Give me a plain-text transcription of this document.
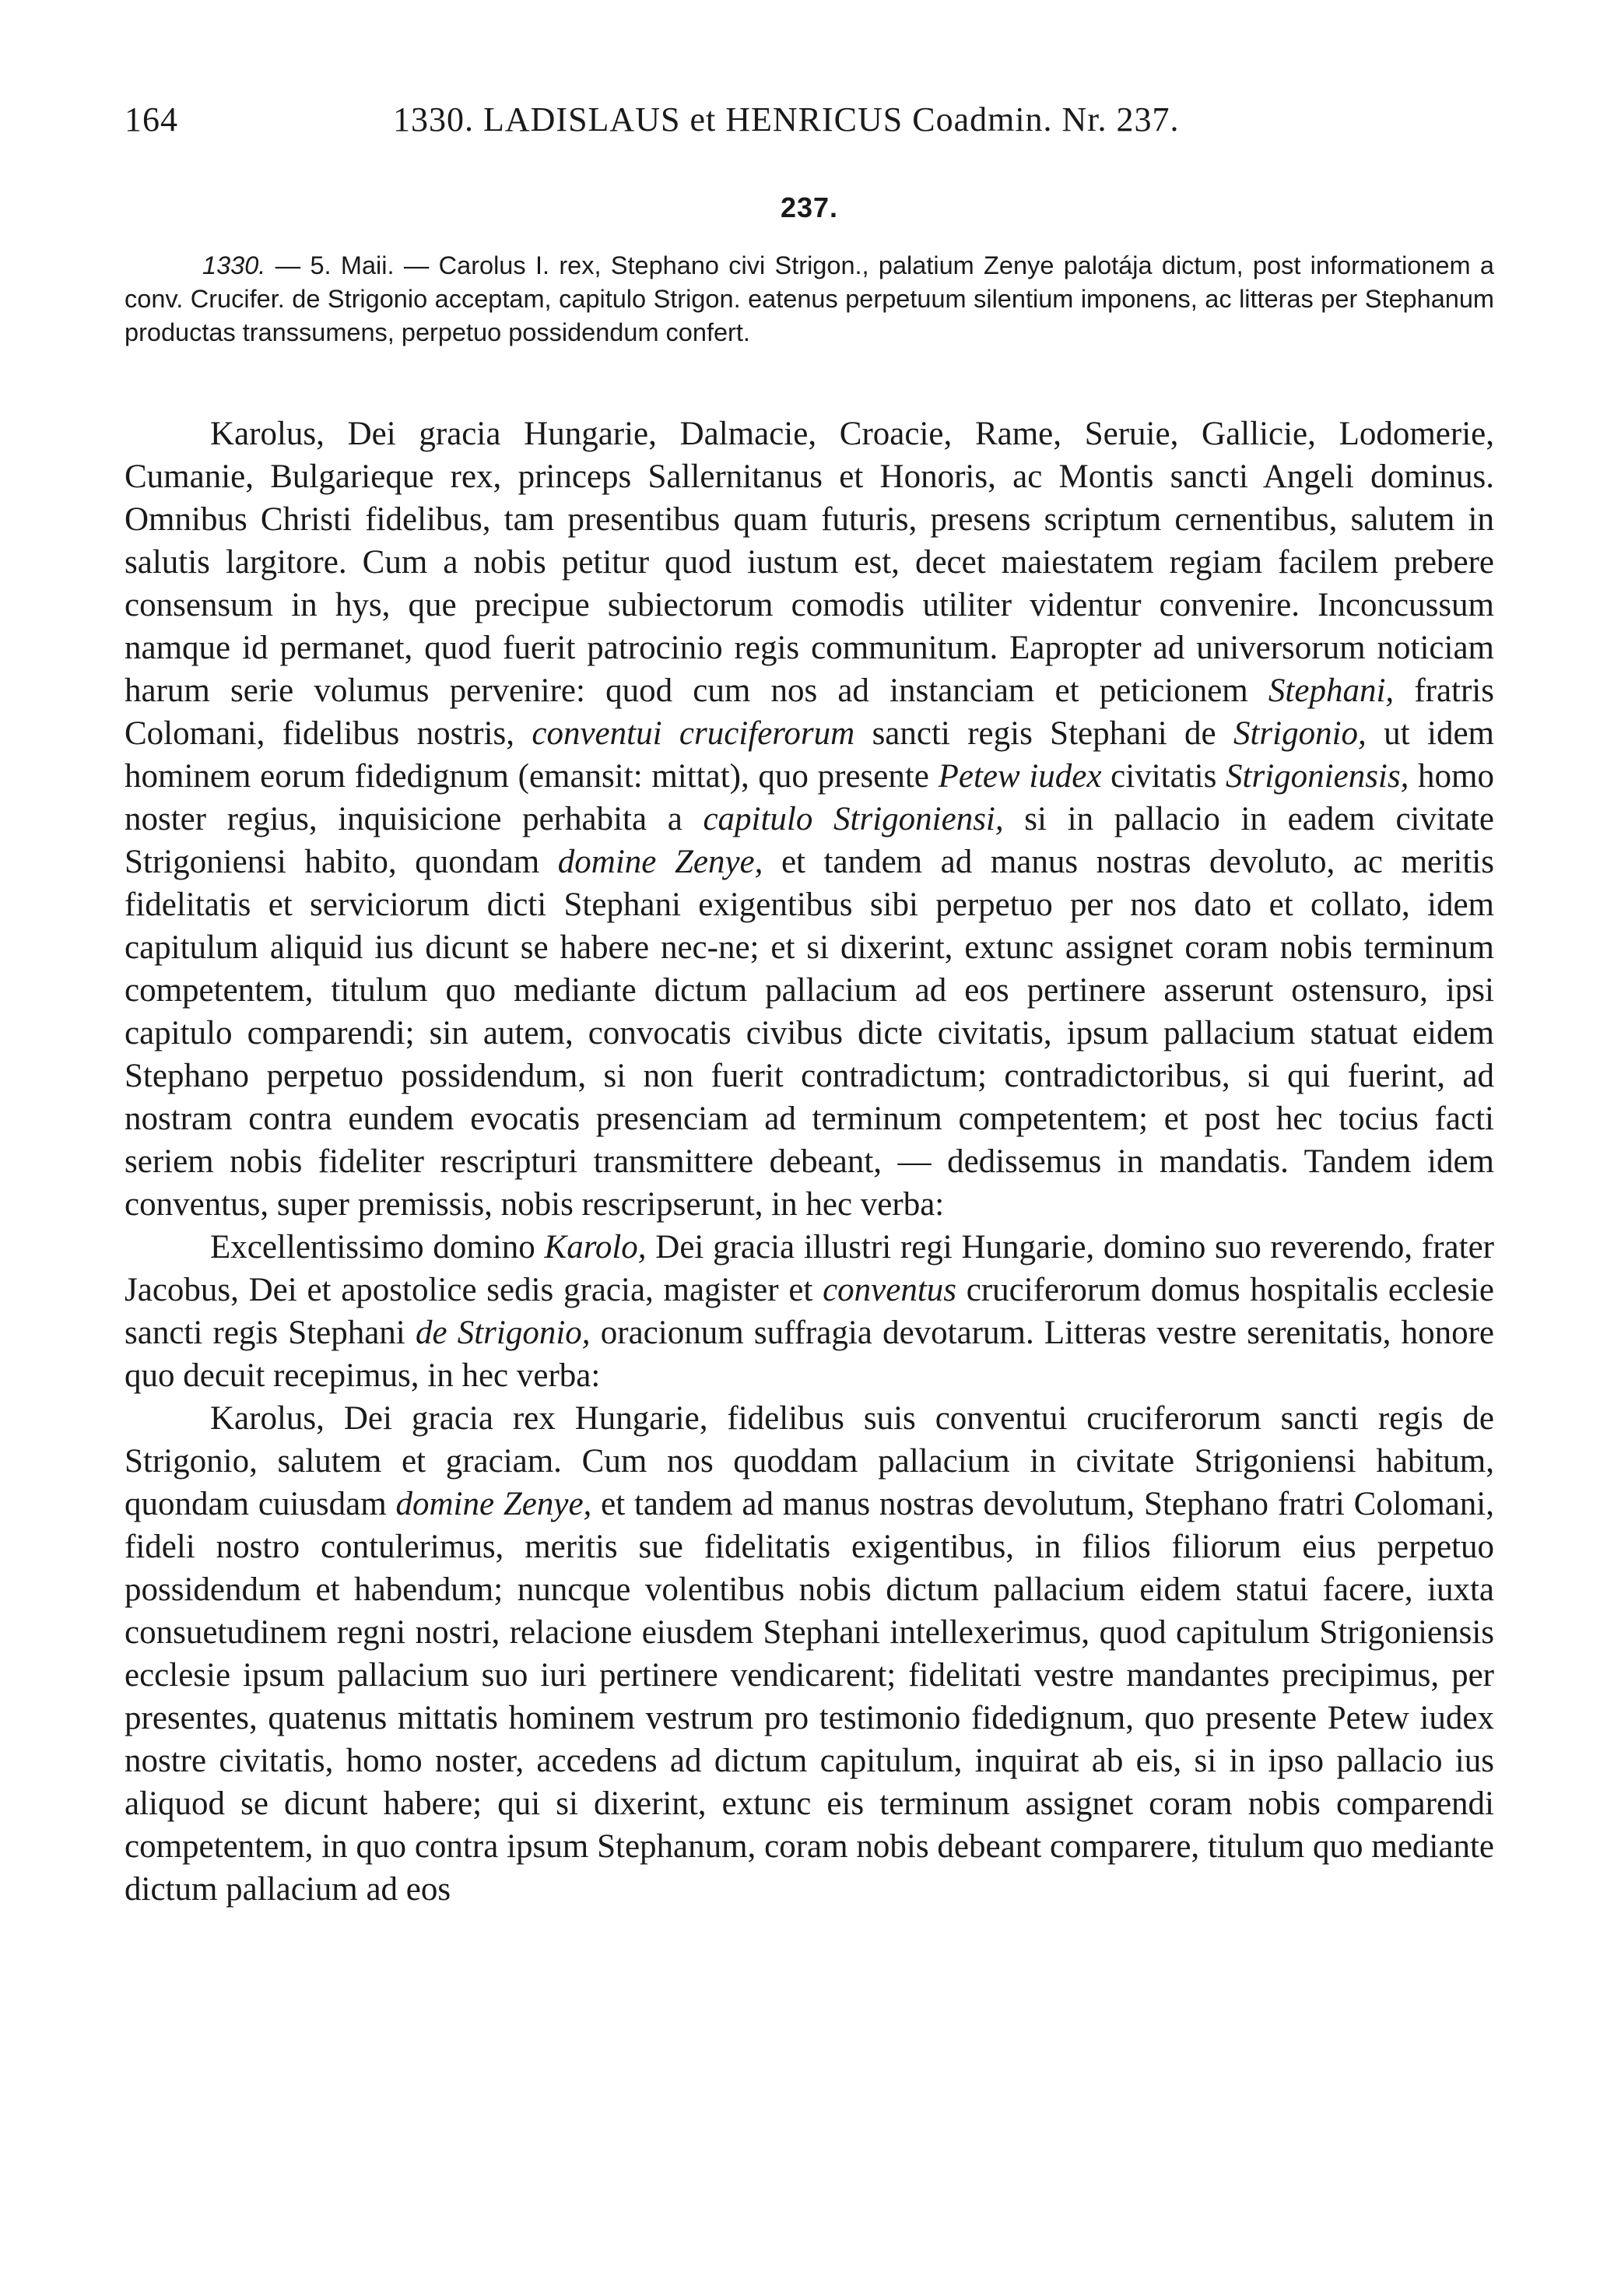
164	1330. LADISLAUS et HENRICUS Coadmin. Nr. 237.
237.
1330. — 5. Maii. — Carolus I. rex, Stephano civi Strigon., palatium Zenye palotája dictum, post informationem a conv. Crucifer. de Strigonio acceptam, capitulo Strigon. eatenus perpetuum silentium imponens, ac litteras per Stephanum productas transsumens, perpetuo possidendum confert.

Karolus, Dei gracia Hungarie, Dalmacie, Croacie, Rame, Seruie, Gallicie, Lodomerie, Cumanie, Bulgarieque rex, princeps Sallernitanus et Honoris, ac Montis sancti Angeli dominus. Omnibus Christi fidelibus, tam presentibus quam futuris, presens scriptum cernentibus, salutem in salutis largitore. Cum a nobis petitur quod iustum est, decet maiestatem regiam facilem prebere consensum in hys, que precipue subiectorum comodis utiliter videntur convenire. Inconcussum namque id permanet, quod fuerit patrocinio regis communitum. Eapropter ad universorum noticiam harum serie volumus pervenire: quod cum nos ad instanciam et peticionem Stephani, fratris Colomani, fidelibus nostris, conventui cruciferorum sancti regis Stephani de Strigonio, ut idem hominem eorum fidedignum (emansit: mittat), quo presente Petew iudex civitatis Strigoniensis, homo noster regius, inquisicione perhabita a capitulo Strigoniensi, si in pallacio in eadem civitate Strigoniensi habito, quondam domine Zenye, et tandem ad manus nostras devoluto, ac meritis fidelitatis et serviciorum dicti Stephani exigentibus sibi perpetuo per nos dato et collato, idem capitulum aliquid ius dicunt se habere nec-ne; et si dixerint, extunc assignet coram nobis terminum competentem, titulum quo mediante dictum pallacium ad eos pertinere asserunt ostensuro, ipsi capitulo comparendi; sin autem, convocatis civibus dicte civitatis, ipsum pallacium statuat eidem Stephano perpetuo possidendum, si non fuerit contradictum; contradictoribus, si qui fuerint, ad nostram contra eundem evocatis presenciam ad terminum competentem; et post hec tocius facti seriem nobis fideliter rescripturi transmittere debeant, — dedissemus in mandatis. Tandem idem conventus, super premissis, nobis rescripserunt, in hec verba:

Excellentissimo domino Karolo, Dei gracia illustri regi Hungarie, domino suo reverendo, frater Jacobus, Dei et apostolice sedis gracia, magister et conventus cruciferorum domus hospitalis ecclesie sancti regis Stephani de Strigonio, oracionum suffragia devotarum. Litteras vestre serenitatis, honore quo decuit recepimus, in hec verba:

Karolus, Dei gracia rex Hungarie, fidelibus suis conventui cruciferorum sancti regis de Strigonio, salutem et graciam. Cum nos quoddam pallacium in civitate Strigoniensi habitum, quondam cuiusdam domine Zenye, et tandem ad manus nostras devolutum, Stephano fratri Colomani, fideli nostro contulerimus, meritis sue fidelitatis exigentibus, in filios filiorum eius perpetuo possidendum et habendum; nuncque volentibus nobis dictum pallacium eidem statui facere, iuxta consuetudinem regni nostri, relacione eiusdem Stephani intellexerimus, quod capitulum Strigoniensis ecclesie ipsum pallacium suo iuri pertinere vendicarent; fidelitati vestre mandantes precipimus, per presentes, quatenus mittatis hominem vestrum pro testimonio fidedignum, quo presente Petew iudex nostre civitatis, homo noster, accedens ad dictum capitulum, inquirat ab eis, si in ipso pallacio ius aliquod se dicunt habere; qui si dixerint, extunc eis terminum assignet coram nobis comparendi competentem, in quo contra ipsum Stephanum, coram nobis debeant comparere, titulum quo mediante dictum pallacium ad eos
